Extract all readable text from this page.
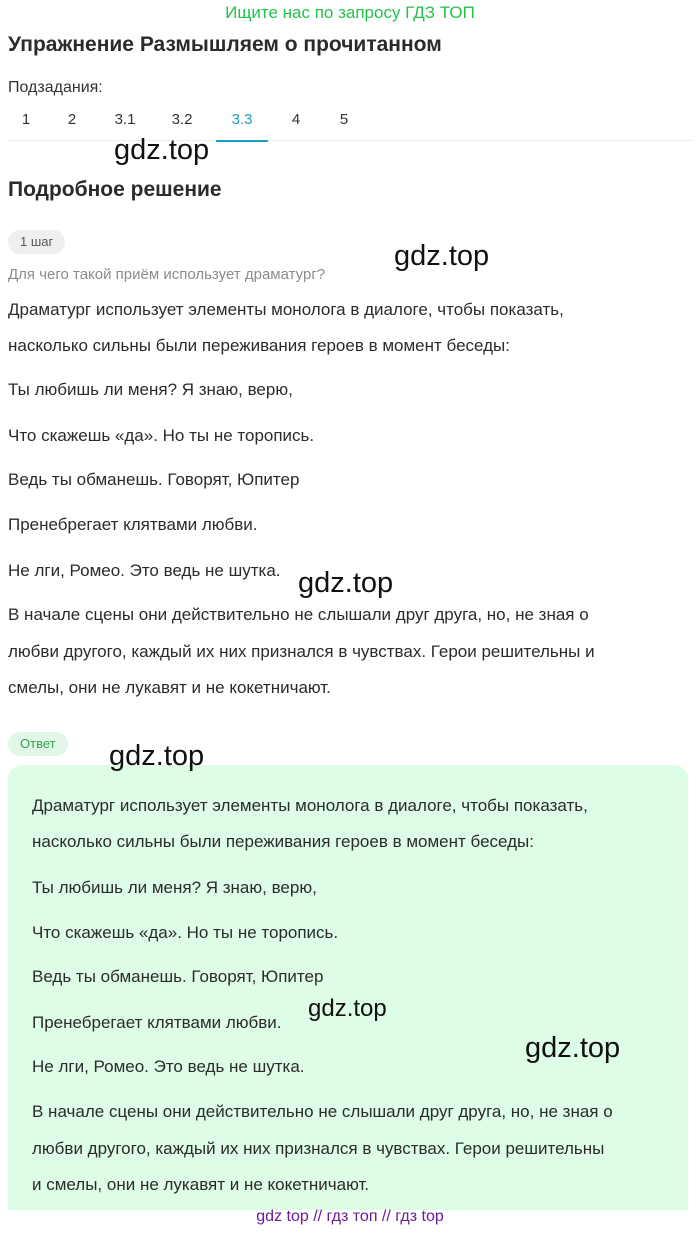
Ищите нас по запросу ГДЗ ТОП
Упражнение Размышляем о прочитанном
Подзадания:
1	2	3.1	3.2	3.3	4	5
Подробное решение
1 шаг
Для чего такой приём использует драматург?
Драматург использует элементы монолога в диалоге, чтобы показать,
насколько сильны были переживания героев в момент беседы:
Ты любишь ли меня? Я знаю, верю,
Что скажешь «да». Но ты не торопись.
Ведь ты обманешь. Говорят, Юпитер
Пренебрегает клятвами любви.
Не лги, Ромео. Это ведь не шутка.
В начале сцены они действительно не слышали друг друга, но, не зная о
любви другого, каждый их них признался в чувствах. Герои решительны и
смелы, они не лукавят и не кокетничают.
Ответ
Драматург использует элементы монолога в диалоге, чтобы показать,
насколько сильны были переживания героев в момент беседы:
Ты любишь ли меня? Я знаю, верю,
Что скажешь «да». Но ты не торопись.
Ведь ты обманешь. Говорят, Юпитер
Пренебрегает клятвами любви.
Не лги, Ромео. Это ведь не шутка.
В начале сцены они действительно не слышали друг друга, но, не зная о
любви другого, каждый их них признался в чувствах. Герои решительны
и смелы, они не лукавят и не кокетничают.
gdz.top
gdz.top
gdz.top
gdz.top
gdz.top
gdz.top
gdz top // гдз топ // гдз top
